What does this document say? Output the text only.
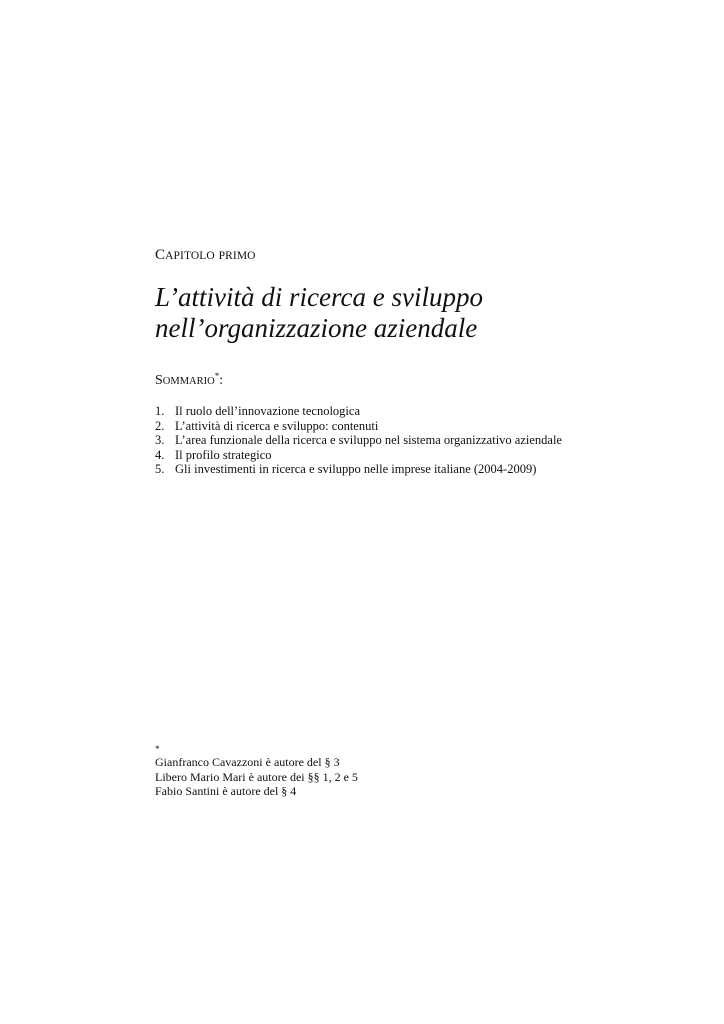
CAPITOLO PRIMO
L’attività di ricerca e sviluppo
nell’organizzazione aziendale
SOMMARIO*:
1. Il ruolo dell’innovazione tecnologica
2. L’attività di ricerca e sviluppo: contenuti
3. L’area funzionale della ricerca e sviluppo nel sistema organizzativo aziendale
4. Il profilo strategico
5. Gli investimenti in ricerca e sviluppo nelle imprese italiane (2004-2009)
*
Gianfranco Cavazzoni è autore del § 3
Libero Mario Mari è autore dei §§ 1, 2 e 5
Fabio Santini è autore del § 4
